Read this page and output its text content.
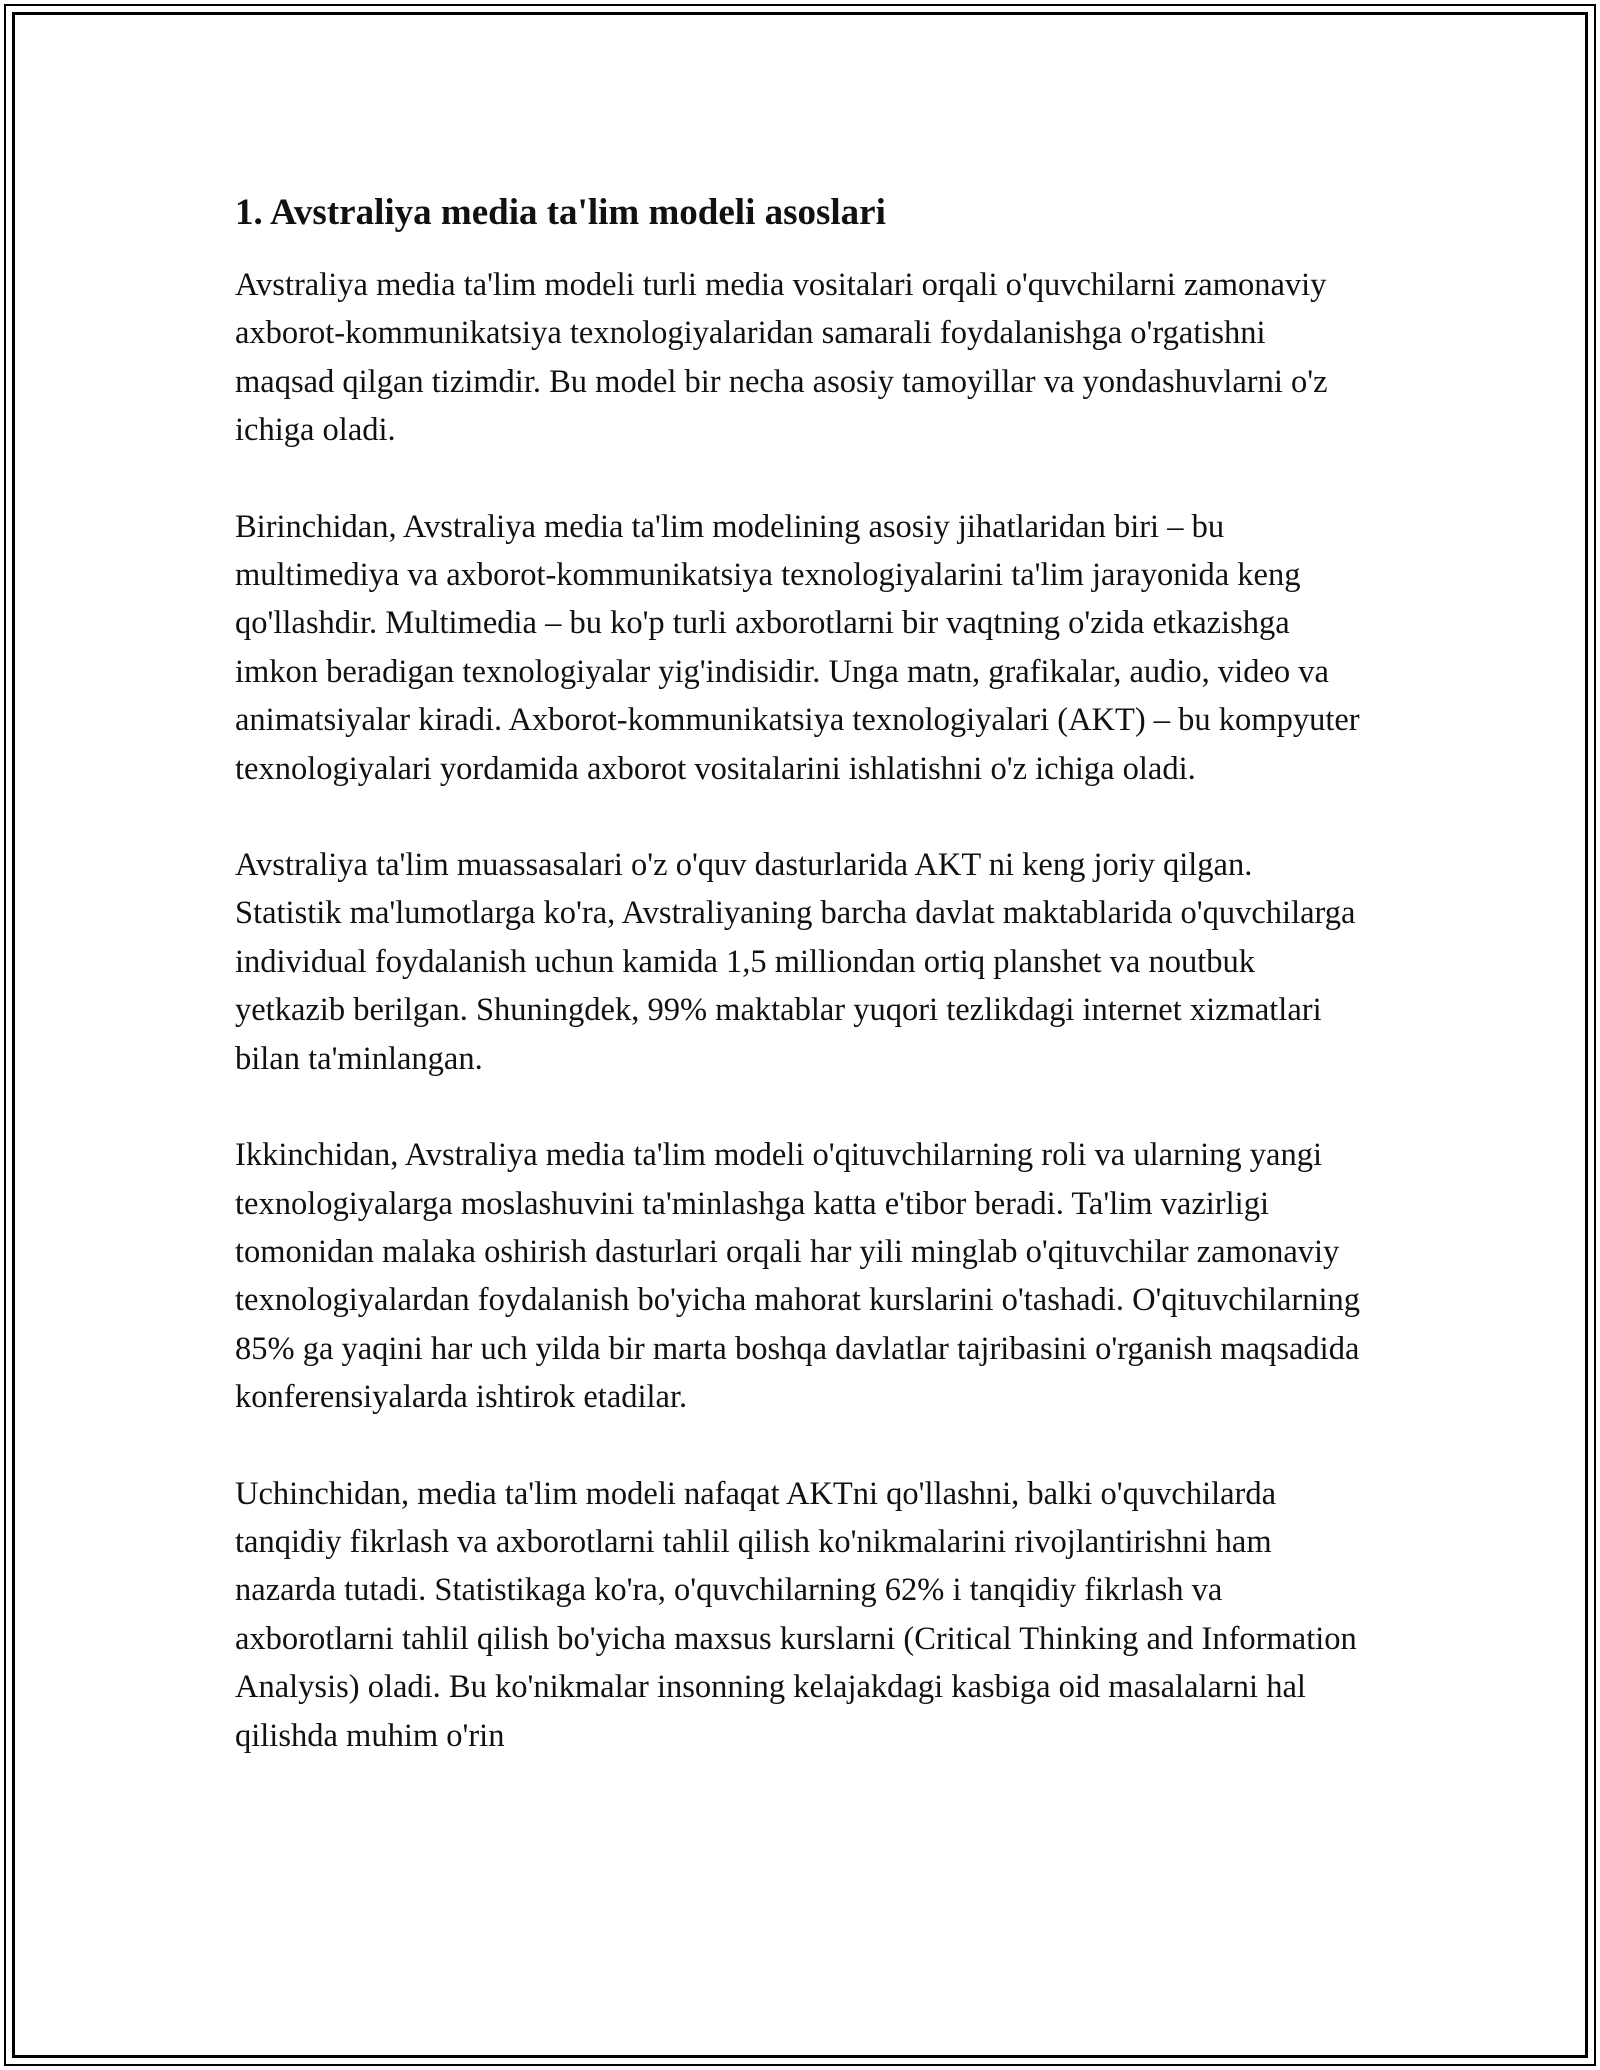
1. Avstraliya media ta'lim modeli asoslari

Avstraliya media ta'lim modeli turli media vositalari orqali o'quvchilarni zamonaviy axborot-kommunikatsiya texnologiyalaridan samarali foydalanishga o'rgatishni maqsad qilgan tizimdir. Bu model bir necha asosiy tamoyillar va yondashuvlarni o'z ichiga oladi.

Birinchidan, Avstraliya media ta'lim modelining asosiy jihatlaridan biri – bu multimediya va axborot-kommunikatsiya texnologiyalarini ta'lim jarayonida keng qo'llashdir. Multimedia – bu ko'p turli axborotlarni bir vaqtning o'zida etkazishga imkon beradigan texnologiyalar yig'indisidir. Unga matn, grafikalar, audio, video va animatsiyalar kiradi. Axborot-kommunikatsiya texnologiyalari (AKT) – bu kompyuter texnologiyalari yordamida axborot vositalarini ishlatishni o'z ichiga oladi.

Avstraliya ta'lim muassasalari o'z o'quv dasturlarida AKT ni keng joriy qilgan. Statistik ma'lumotlarga ko'ra, Avstraliyaning barcha davlat maktablarida o'quvchilarga individual foydalanish uchun kamida 1,5 milliondan ortiq planshet va noutbuk yetkazib berilgan. Shuningdek, 99% maktablar yuqori tezlikdagi internet xizmatlari bilan ta'minlangan.

Ikkinchidan, Avstraliya media ta'lim modeli o'qituvchilarning roli va ularning yangi texnologiyalarga moslashuvini ta'minlashga katta e'tibor beradi. Ta'lim vazirligi tomonidan malaka oshirish dasturlari orqali har yili minglab o'qituvchilar zamonaviy texnologiyalardan foydalanish bo'yicha mahorat kurslarini o'tashadi. O'qituvchilarning 85% ga yaqini har uch yilda bir marta boshqa davlatlar tajribasini o'rganish maqsadida konferensiyalarda ishtirok etadilar.

Uchinchidan, media ta'lim modeli nafaqat AKTni qo'llashni, balki o'quvchilarda tanqidiy fikrlash va axborotlarni tahlil qilish ko'nikmalarini rivojlantirishni ham nazarda tutadi. Statistikaga ko'ra, o'quvchilarning 62% i tanqidiy fikrlash va axborotlarni tahlil qilish bo'yicha maxsus kurslarni (Critical Thinking and Information Analysis) oladi. Bu ko'nikmalar insonning kelajakdagi kasbiga oid masalalarni hal qilishda muhim o'rin
